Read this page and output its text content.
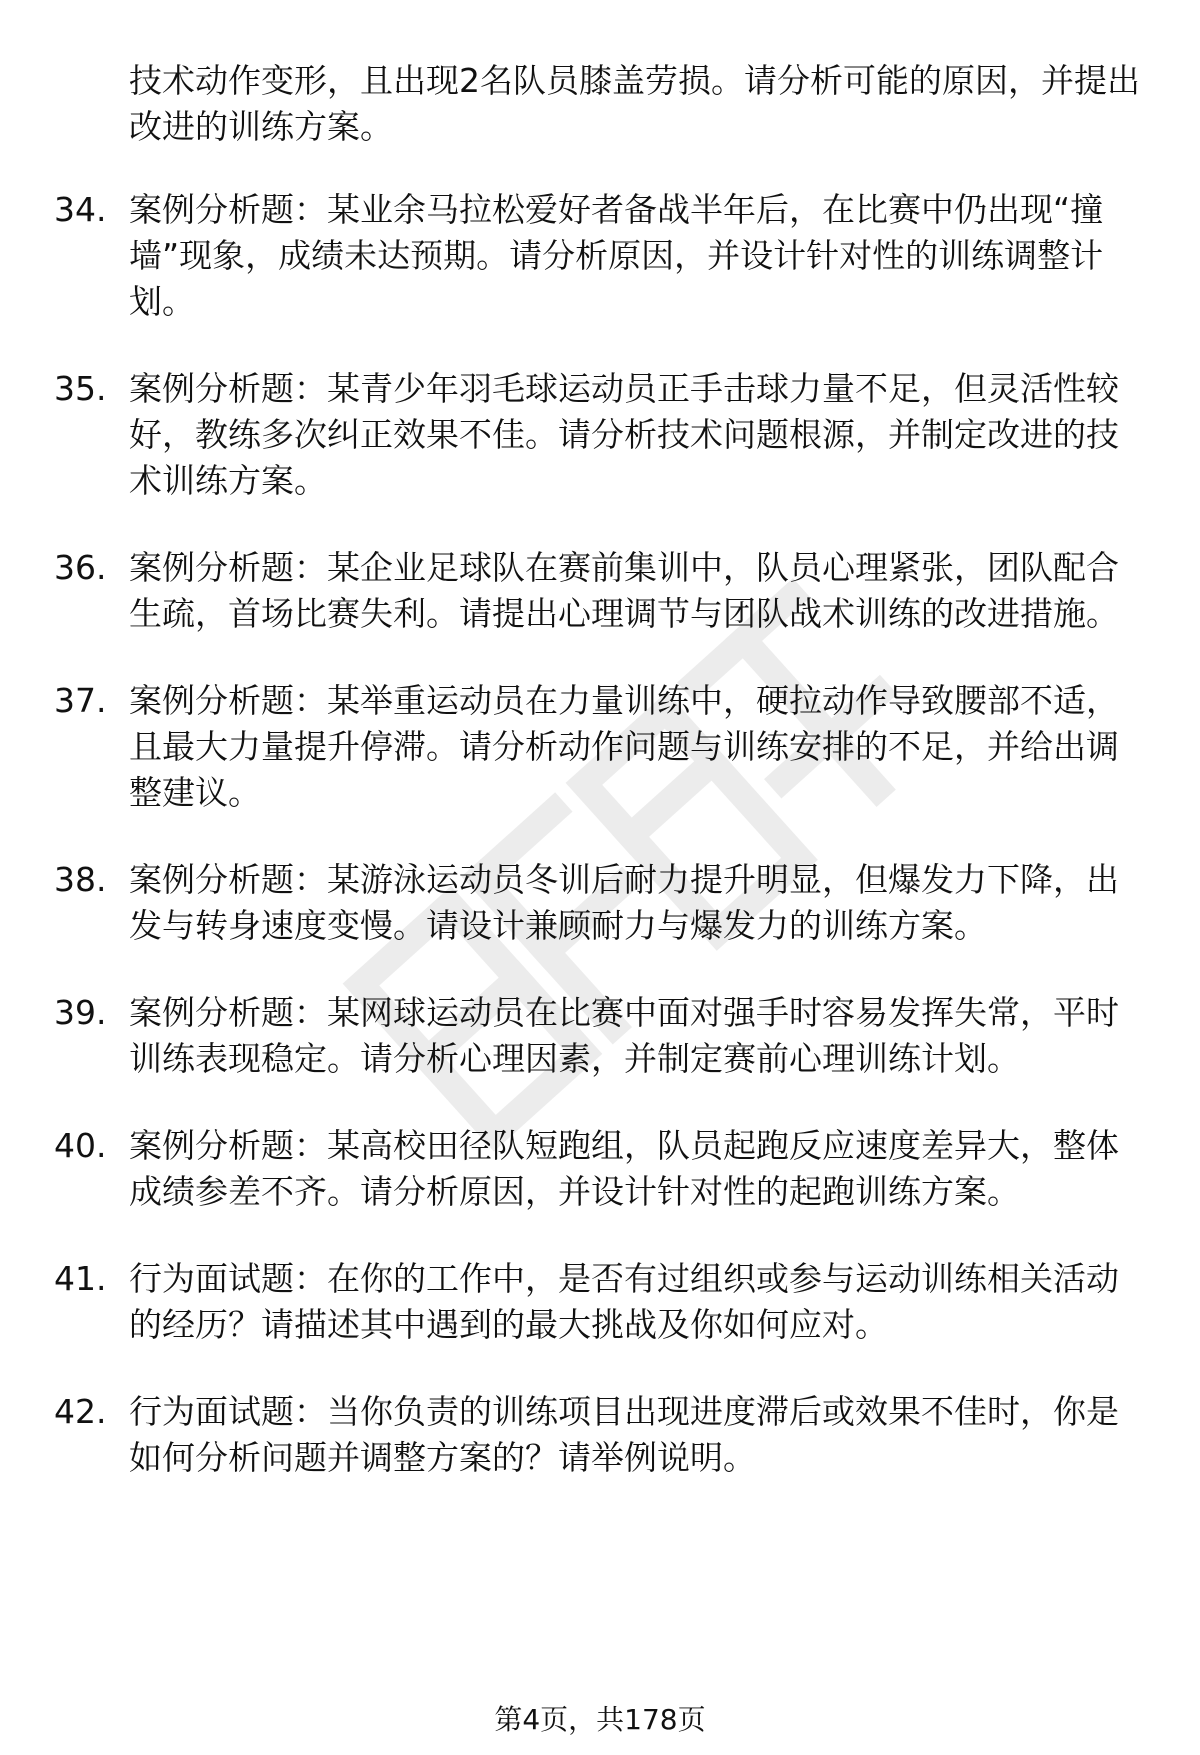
技术动作变形，且出现2名队员膝盖劳损。请分析可能的原因，并提出改进的训练方案。
34. 案例分析题：某业余马拉松爱好者备战半年后，在比赛中仍出现“撞墙”现象，成绩未达预期。请分析原因，并设计针对性的训练调整计划。
35. 案例分析题：某青少年羽毛球运动员正手击球力量不足，但灵活性较好，教练多次纠正效果不佳。请分析技术问题根源，并制定改进的技术训练方案。
36. 案例分析题：某企业足球队在赛前集训中，队员心理紧张，团队配合生疏，首场比赛失利。请提出心理调节与团队战术训练的改进措施。
37. 案例分析题：某举重运动员在力量训练中，硬拉动作导致腰部不适，且最大力量提升停滞。请分析动作问题与训练安排的不足，并给出调整建议。
38. 案例分析题：某游泳运动员冬训后耐力提升明显，但爆发力下降，出发与转身速度变慢。请设计兼顾耐力与爆发力的训练方案。
39. 案例分析题：某网球运动员在比赛中面对强手时容易发挥失常，平时训练表现稳定。请分析心理因素，并制定赛前心理训练计划。
40. 案例分析题：某高校田径队短跑组，队员起跑反应速度差异大，整体成绩参差不齐。请分析原因，并设计针对性的起跑训练方案。
41. 行为面试题：在你的工作中，是否有过组织或参与运动训练相关活动的经历？请描述其中遇到的最大挑战及你如何应对。
42. 行为面试题：当你负责的训练项目出现进度滞后或效果不佳时，你是如何分析问题并调整方案的？请举例说明。
第4页，共178页
